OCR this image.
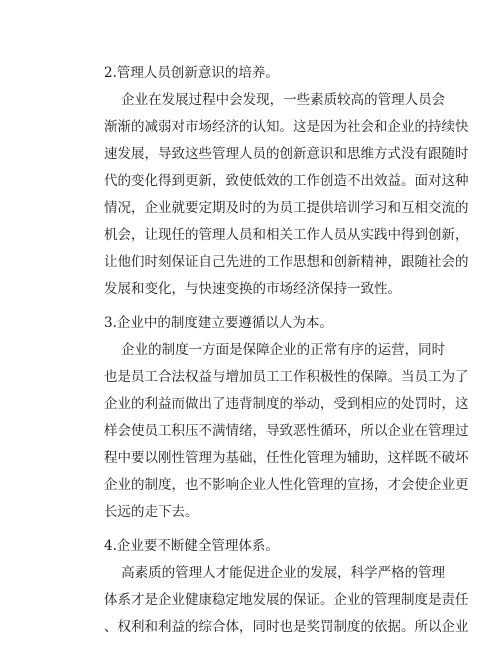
2.管理人员创新意识的培养。
企业在发展过程中会发现，一些素质较高的管理人员会
渐渐的减弱对市场经济的认知。这是因为社会和企业的持续快
速发展，导致这些管理人员的创新意识和思维方式没有跟随时
代的变化得到更新，致使低效的工作创造不出效益。面对这种
情况，企业就要定期及时的为员工提供培训学习和互相交流的
机会，让现任的管理人员和相关工作人员从实践中得到创新，
让他们时刻保证自己先进的工作思想和创新精神，跟随社会的
发展和变化，与快速变换的市场经济保持一致性。
3.企业中的制度建立要遵循以人为本。
企业的制度一方面是保障企业的正常有序的运营，同时
也是员工合法权益与增加员工工作积极性的保障。当员工为了
企业的利益而做出了违背制度的举动，受到相应的处罚时，这
样会使员工积压不满情绪，导致恶性循环，所以企业在管理过
程中要以刚性管理为基础，任性化管理为辅助，这样既不破坏
企业的制度，也不影响企业人性化管理的宣扬，才会使企业更
长远的走下去。
4.企业要不断健全管理体系。
高素质的管理人才能促进企业的发展，科学严格的管理
体系才是企业健康稳定地发展的保证。企业的管理制度是责任
、权利和利益的综合体，同时也是奖罚制度的依据。所以企业
